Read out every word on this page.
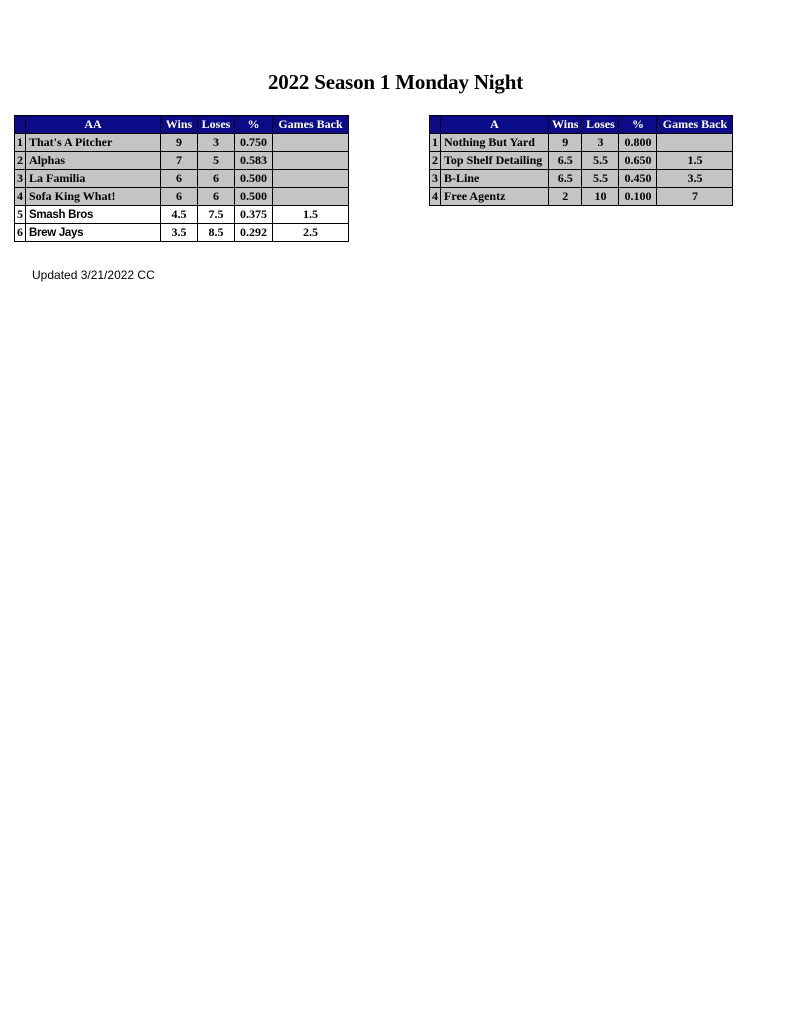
2022 Season 1 Monday Night
	AA	Wins	Loses	%	Games Back
1	That's A Pitcher	9	3	0.750	
2	Alphas	7	5	0.583	
3	La Familia	6	6	0.500	
4	Sofa King What!	6	6	0.500	
5	Smash Bros	4.5	7.5	0.375	1.5
6	Brew Jays	3.5	8.5	0.292	2.5
	A	Wins	Loses	%	Games Back
1	Nothing But Yard	9	3	0.800	
2	Top Shelf Detailing	6.5	5.5	0.650	1.5
3	B-Line	6.5	5.5	0.450	3.5
4	Free Agentz	2	10	0.100	7
Updated 3/21/2022 CC
